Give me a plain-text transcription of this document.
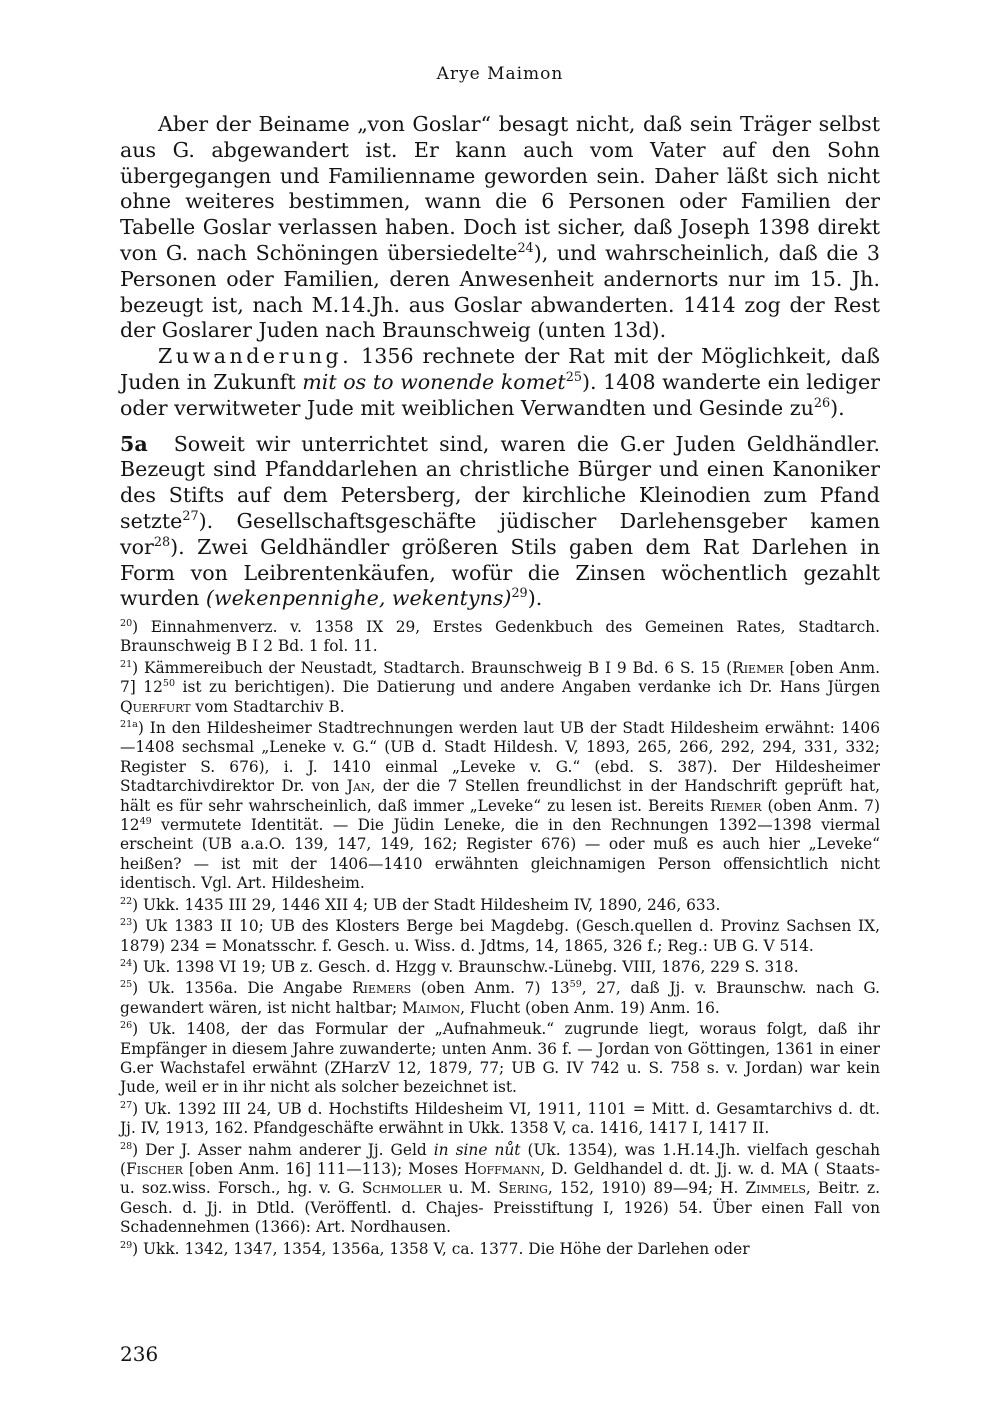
Arye Maimon

Aber der Beiname „von Goslar“ besagt nicht, daß sein Träger selbst aus G. abgewandert ist. Er kann auch vom Vater auf den Sohn übergegangen und Familienname geworden sein. Daher läßt sich nicht ohne weiteres bestimmen, wann die 6 Personen oder Familien der Tabelle Goslar verlassen haben. Doch ist sicher, daß Joseph 1398 direkt von G. nach Schöningen übersiedelte$^{24}$), und wahrscheinlich, daß die 3 Personen oder Familien, deren Anwesenheit andernorts nur im 15. Jh. bezeugt ist, nach M.14.Jh. aus Goslar abwanderten. 1414 zog der Rest der Goslarer Juden nach Braunschweig (unten 13d).

Zuwanderung. 1356 rechnete der Rat mit der Möglichkeit, daß Juden in Zukunft mit os to wonende komet$^{25}$). 1408 wanderte ein lediger oder verwitweter Jude mit weiblichen Verwandten und Gesinde $zu^{26}$).

5a Soweit wir unterrichtet sind, waren die G.er Juden Geldhändler. Bezeugt sind Pfanddarlehen an christliche Bürger und einen Kanoniker des Stifts auf dem Petersberg, der kirchliche Kleinodien zum Pfand setzte$^{27}$). Gesellschaftsgeschäfte jüdischer Darlehensgeber kamen vor$^{28}$). Zwei Geldhändler größeren Stils gaben dem Rat Darlehen in Form von Leibrentenkäufen, wofür die Zinsen wöchentlich gezahlt wurden (wekenpennighe, wekentyns)$^{29}$).

$^{20}$) Einnahmenverz. v. 1358 IX 29, Erstes Gedenkbuch des Gemeinen Rates, Stadtarch. Braunschweig B I 2 Bd. 1 fol. 11.

$^{21}$) Kämmereibuch der Neustadt, Stadtarch. Braunschweig B I 9 Bd. 6 S. 15 (Riemer [oben Anm. 7] $12^{50}$ ist zu berichtigen). Die Datierung und andere Angaben verdanke ich Dr. Hans Jürgen Querfurt vom Stadtarchiv B.

$^{21a}$) In den Hildesheimer Stadtrechnungen werden laut UB der Stadt Hildesheim erwähnt: 1406—1408 sechsmal „Leneke v. G.“ (UB d. Stadt Hildesh. V, 1893, 265, 266, 292, 294, 331, 332; Register S. 676), i. J. 1410 einmal „Leveke v. G.“ (ebd. S. 387). Der Hildesheimer Stadtarchivdirektor Dr. von Jan, der die 7 Stellen freundlichst in der Handschrift geprüft hat, hält es für sehr wahrscheinlich, daß immer „Leveke“ zu lesen ist. Bereits Riemer (oben Anm. 7) $12^{49}$ vermutete Identität. — Die Jüdin Leneke, die in den Rechnungen 1392—1398 viermal erscheint (UB a.a.O. 139, 147, 149, 162; Register 676) — oder muß es auch hier „Leveke“ heißen? — ist mit der 1406—1410 erwähnten gleichnamigen Person offensichtlich nicht identisch. Vgl. Art. Hildesheim.

$^{22}$) Ukk. 1435 III 29, 1446 XII 4; UB der Stadt Hildesheim IV, 1890, 246, 633.

$^{23}$) Uk 1383 II 10; UB des Klosters Berge bei Magdebg. (Gesch.quellen d. Provinz Sachsen IX, 1879) 234 = Monatsschr. f. Gesch. u. Wiss. d. Jdtms, 14, 1865, 326 f.; Reg.: UB G. V 514.

$^{24}$) Uk. 1398 VI 19; UB z. Gesch. d. Hzgg v. Braunschw.-Lünebg. VIII, 1876, 229 S. 318.

$^{25}$) Uk. 1356a. Die Angabe Riemers (oben Anm. 7) $13^{59}$, 27, daß Jj. v. Braunschw. nach G. gewandert wären, ist nicht haltbar; Maimon, Flucht (oben Anm. 19) Anm. 16.

$^{26}$) Uk. 1408, der das Formular der „Aufnahmeuk.“ zugrunde liegt, woraus folgt, daß ihr Empfänger in diesem Jahre zuwanderte; unten Anm. 36 f. — Jordan von Göttingen, 1361 in einer G.er Wachstafel erwähnt (ZHarzV 12, 1879, 77; UB G. IV 742 u. S. 758 s. v. Jordan) war kein Jude, weil er in ihr nicht als solcher bezeichnet ist.

$^{27}$) Uk. 1392 III 24, UB d. Hochstifts Hildesheim VI, 1911, 1101 = Mitt. d. Gesamtarchivs d. dt. Jj. IV, 1913, 162. Pfandgeschäfte erwähnt in Ukk. 1358 V, ca. 1416, 1417 I, 1417 II.

$^{28}$) Der J. Asser nahm anderer Jj. Geld in sine nůt (Uk. 1354), was 1.H.14.Jh. vielfach geschah (Fischer [oben Anm. 16] 111—113); Moses Hoffmann, D. Geldhandel d. dt. Jj. w. d. MA ( Staats- u. soz.wiss. Forsch., hg. v. G. Schmoller u. M. Sering, 152, 1910) 89—94; H. Zimmels, Beitr. z. Gesch. d. Jj. in Dtld. (Veröffentl. d. Chajes- Preisstiftung I, 1926) 54. Über einen Fall von Schadennehmen (1366): Art. Nordhausen.

$^{29}$) Ukk. 1342, 1347, 1354, 1356a, 1358 V, ca. 1377. Die Höhe der Darlehen oder

236
